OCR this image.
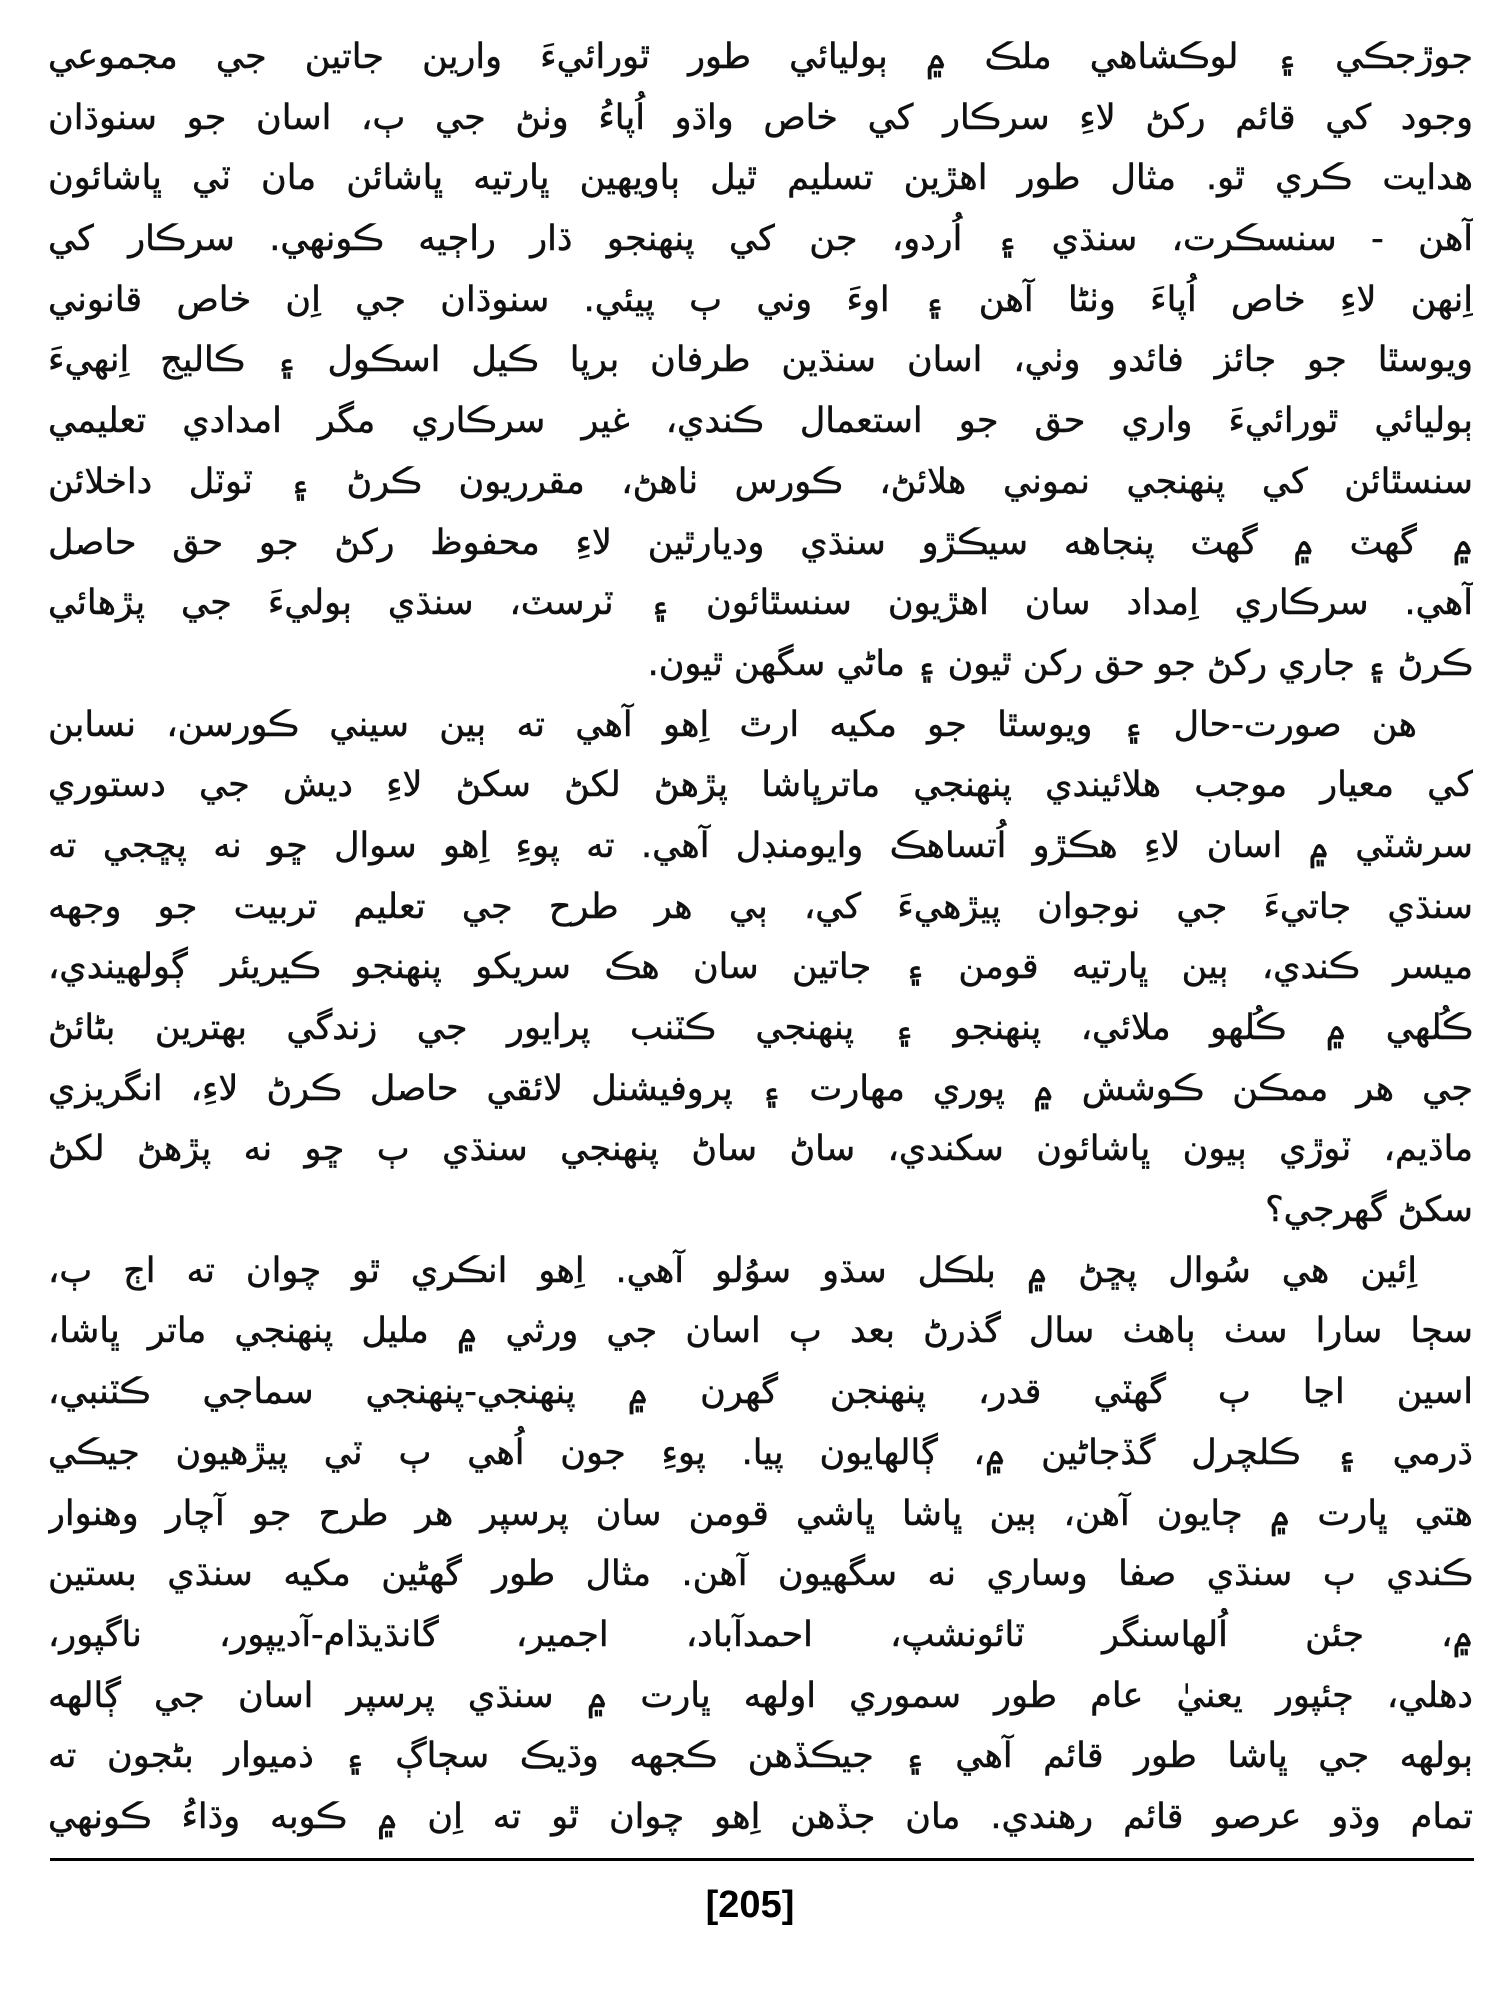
جوڙجڪي ۽ لوڪشاهي ملڪ ۾ ٻوليائي طور ٿورائيءَ وارين جاتين جي مجموعي
وجود کي قائم رکڻ لاءِ سرڪار کي خاص واڌو اُپاءُ وٺڻ جي ٻ، اسان جو سنوڌان
هدايت ڪري ٿو. مثال طور اهڙين تسليم ٿيل ٻاويهين ڀارتيه ڀاشائن مان ٽي ڀاشائون
آهن - سنسڪرت، سنڌي ۽ اُردو، جن کي پنهنجو ڌار راڄيه ڪونهي. سرڪار کي
اِنهن لاءِ خاص اُپاءَ وٺڻا آهن ۽ اوءَ وني ٻ پيئي. سنوڌان جي اِن خاص قانوني
ويوسٿا جو جائز فائدو وٺي، اسان سنڌين طرفان برپا ڪيل اسڪول ۽ ڪاليج اِنهيءَ
ٻوليائي ٿورائيءَ واري حق جو استعمال ڪندي، غير سرڪاري مگر امدادي تعليمي
سنسٿائن کي پنهنجي نموني هلائڻ، ڪورس ٺاهڻ، مقرريون ڪرڻ ۽ ٽوٽل داخلائن
۾ گهٽ ۾ گهٽ پنجاهه سيڪڙو سنڌي وديارٿين لاءِ محفوظ رکڻ جو حق حاصل
آهي. سرڪاري اِمداد سان اهڙيون سنسٿائون ۽ ٽرسٽ، سنڌي ٻوليءَ جي پڙهائي
ڪرڻ ۽ جاري رکڻ جو حق رکن ٿيون ۽ ماڻي سگهن ٿيون.
هن صورت-حال ۽ ويوسٿا جو مکيه ارٿ اِهو آهي ته ٻين سيني ڪورسن، نسابن
کي معيار موجب هلائيندي پنهنجي ماترڀاشا پڙهڻ لکڻ سکڻ لاءِ ديش جي دستوري
سرشٽي ۾ اسان لاءِ هڪڙو اُتساهڪ وايومنڊل آهي. ته پوءِ اِهو سوال ڇو نه پڇجي ته
سنڌي جاتيءَ جي نوجوان پيڙهيءَ کي، ٻي هر طرح جي تعليم تربيت جو وجهه
ميسر ڪندي، ٻين ڀارتيه قومن ۽ جاتين سان هڪ سريکو پنهنجو ڪيريئر ڳولهيندي،
ڪُلهي ۾ ڪُلهو ملائي، پنهنجو ۽ پنهنجي ڪٽنب پرايور جي زندگي بهترين بڻائڻ
جي هر ممڪن ڪوشش ۾ پوري مهارت ۽ پروفيشنل لائقي حاصل ڪرڻ لاءِ، انگريزي
ماڌيم، ٽوڙي ٻيون ڀاشائون سکندي، ساڻ ساڻ پنهنجي سنڌي ٻ ڇو نه پڙهڻ لکڻ
سکڻ گهرجي؟
اِئين هي سُوال پڇڻ ۾ بلڪل سڌو سوُلو آهي. اِهو انڪري ٿو چوان ته اڄ ٻ،
سڄا سارا سٺ ٻاهٺ سال گذرڻ بعد ٻ اسان جي ورثي ۾ مليل پنهنجي ماتر ڀاشا،
اسين اڃا ٻ گهٽي قدر، پنهنجن گهرن ۾ پنهنجي-پنهنجي سماجي ڪٽنبي،
ڌرمي ۽ ڪلچرل گڏجاڻين ۾، ڳالهايون پيا. پوءِ جون اُهي ٻ ٽي پيڙهيون جيڪي
هتي ڀارت ۾ ڄايون آهن، ٻين ڀاشا ڀاشي قومن سان پرسپر هر طرح جو آچار وهنوار
ڪندي ٻ سنڌي صفا وساري نه سگهيون آهن. مثال طور گهڻين مکيه سنڌي بستين
۾، جئن اُلهاسنگر ٽائونشپ، احمدآباد، اجمير، گانڌيڌام-آديپور، ناگپور،
دهلي، ڄئپور يعنيٰ عام طور سموري اولهه ڀارت ۾ سنڌي پرسپر اسان جي ڳالهه
ٻولهه جي ڀاشا طور قائم آهي ۽ جيڪڏهن ڪجهه وڌيڪ سڄاڳ ۽ ذميوار بڻجون ته
تمام وڌو عرصو قائم رهندي. مان جڏهن اِهو چوان ٿو ته اِن ۾ ڪوبه وڌاءُ ڪونهي
[205]
